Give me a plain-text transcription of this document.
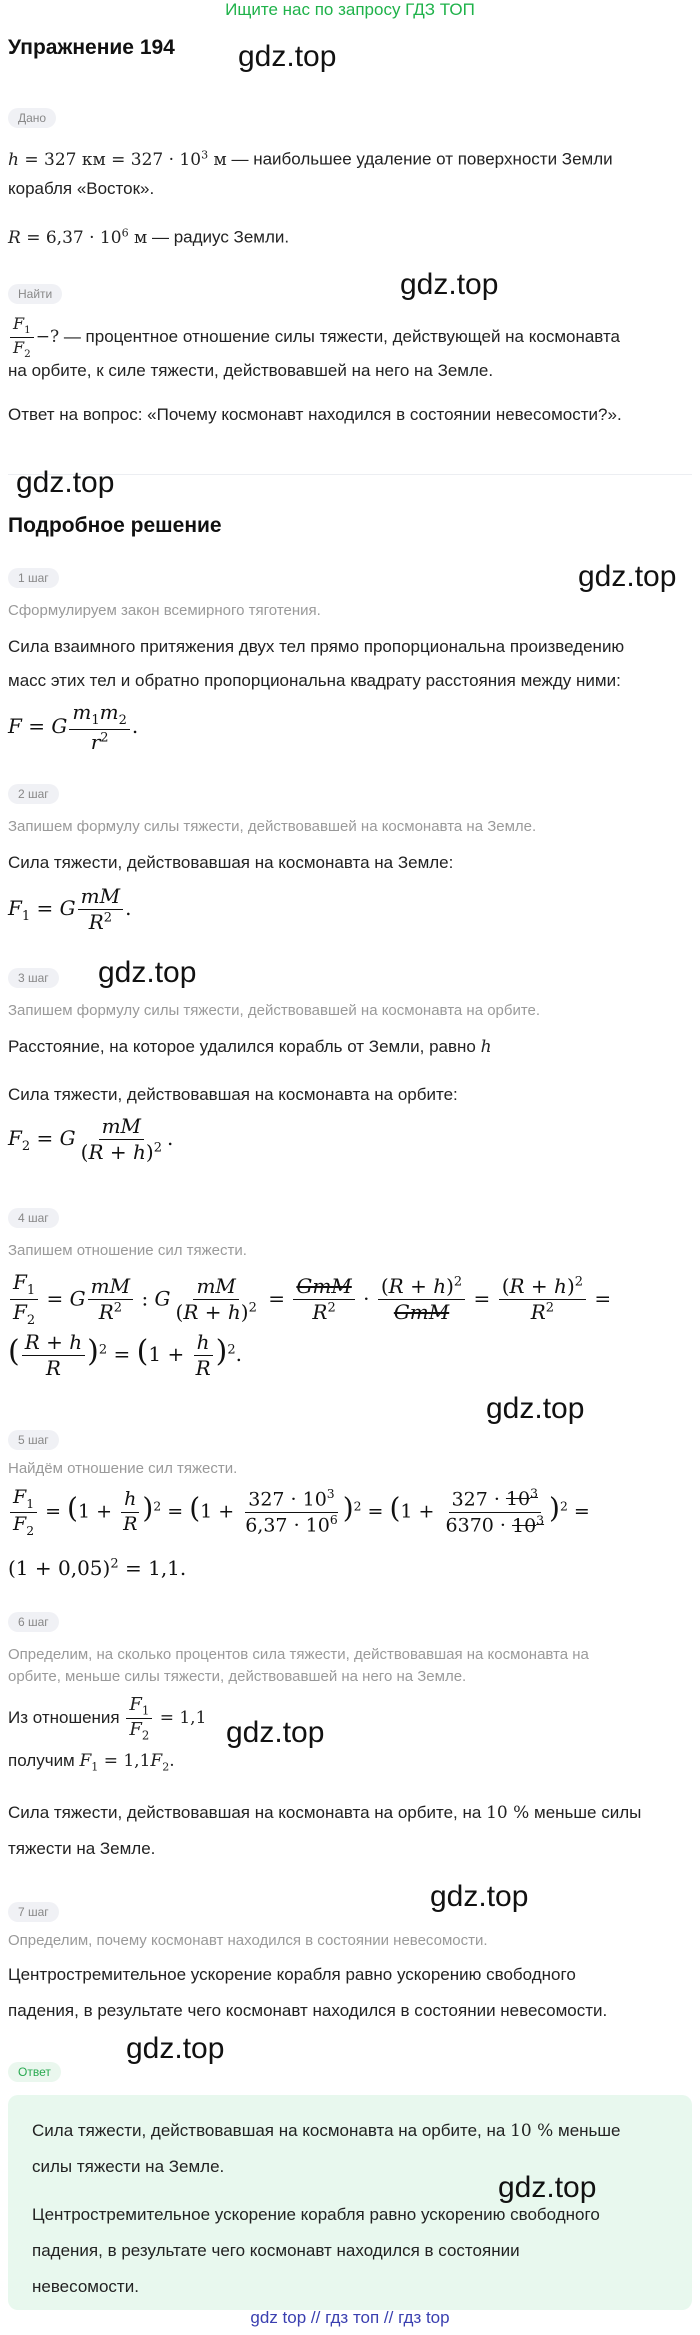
Ищите нас по запросу ГДЗ ТОП
Упражнение 194 gdz.top
Дано
h = 327 км = $327 \cdot 10^3$ м — наибольшее удаление от поверхности Земли
корабля «Восток».
$R = 6,37 \cdot 10^6$ м — радиус Земли.
gdz.top
Найти
$\frac{F_1}{F_2}$ −? — процентное отношение силы тяжести, действующей на космонавта
на орбите, к силе тяжести, действовавшей на него на Земле.
Ответ на вопрос: «Почему космонавт находился в состоянии невесомости?».
gdz.top
Подробное решение
gdz.top
1 шаг
Сформулируем закон всемирного тяготения.
Сила взаимного притяжения двух тел прямо пропорциональна произведению
масс этих тел и обратно пропорциональна квадрату расстояния между ними:
F = G $\frac{m_1m_2}{r^2}$ .
2 шаг
Запишем формулу силы тяжести, действовавшей на космонавта на Земле.
Сила тяжести, действовавшая на космонавта на Земле:
$F_1 = G \frac{mM}{R^2}$ .
3 шаг	gdz.top
Запишем формулу силы тяжести, действовавшей на космонавта на орбите.
Расстояние, на которое удалился корабль от Земли, равно h
Сила тяжести, действовавшая на космонавта на орбите:
$F_2 = G \frac{mM}{(R + h)^2}$ .
4 шаг
Запишем отношение сил тяжести.
$\frac{F_1}{F_2} = G \frac{mM}{R^2}$ : G $\frac{mM}{(R + h)^2} = \frac{\text{GmM}}{R^2} \cdot \frac{(R + h)^2}{\text{GmM}} = \frac{(R + h)^2}{R^2}$ =
( $\frac{R + h}{R} )^2 = (1 + \frac{h}{R} )^2$.
gdz.top
5 шаг
Найдём отношение сил тяжести.
$\frac{F_1}{F_2} = (1 + \frac{h}{R} )^2 = (1 + \frac{327 \cdot 10^3}{6,37 \cdot 10^6} )^2 = (1 + \frac{327 \cdot 10^3}{6370 \cdot 10^3} )^2$ =
$(1 + 0,05)^2 = 1,1$.
6 шаг
Определим, на сколько процентов сила тяжести, действовавшая на космонавта на
орбите, меньше силы тяжести, действовавшей на него на Земле.
Из отношения $\frac{F_1}{F_2} = 1,1$ gdz.top
получим $F_1 = 1,1F_2$.
Сила тяжести, действовавшая на космонавта на орбите, на 10 % меньше силы
тяжести на Земле.
gdz.top
7 шаг
Определим, почему космонавт находился в состоянии невесомости.
Центростремительное ускорение корабля равно ускорению свободного
падения, в результате чего космонавт находился в состоянии невесомости.
gdz.top
Ответ
Сила тяжести, действовавшая на космонавта на орбите, на 10 % меньше
силы тяжести на Земле.
gdz.top
Центростремительное ускорение корабля равно ускорению свободного
падения, в результате чего космонавт находился в состоянии
невесомости.
gdz top // гдз топ // гдз top
